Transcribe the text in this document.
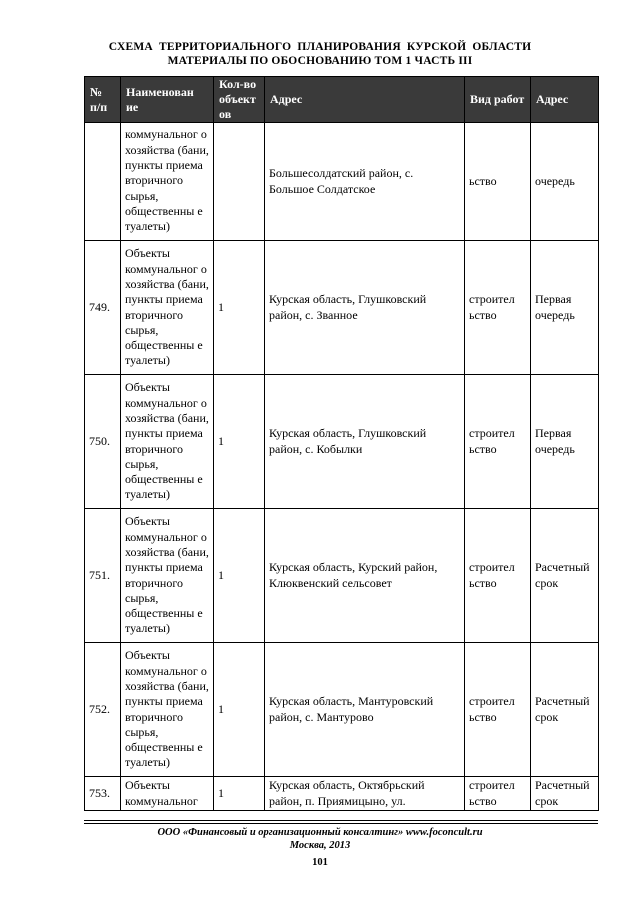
СХЕМА ТЕРРИТОРИАЛЬНОГО ПЛАНИРОВАНИЯ КУРСКОЙ ОБЛАСТИ
МАТЕРИАЛЫ ПО ОБОСНОВАНИЮ ТОМ 1 ЧАСТЬ III
№ п/п	Наименован ие	Кол-во объект ов	Адрес	Вид работ	Адрес
	коммунальног о хозяйства (бани, пункты приема вторичного сырья, общественны е туалеты)		Большесолдатский район, с. Большое Солдатское	ьство	очередь
749.	Объекты коммунальног о хозяйства (бани, пункты приема вторичного сырья, общественны е туалеты)	1	Курская область, Глушковский район, с. Званное	строител ьство	Первая очередь
750.	Объекты коммунальног о хозяйства (бани, пункты приема вторичного сырья, общественны е туалеты)	1	Курская область, Глушковский район, с. Кобылки	строител ьство	Первая очередь
751.	Объекты коммунальног о хозяйства (бани, пункты приема вторичного сырья, общественны е туалеты)	1	Курская область, Курский район, Клюквенский сельсовет	строител ьство	Расчетный срок
752.	Объекты коммунальног о хозяйства (бани, пункты приема вторичного сырья, общественны е туалеты)	1	Курская область, Мантуровский район, с. Мантурово	строител ьство	Расчетный срок
753.	Объекты коммунальног	1	Курская область, Октябрьский район, п. Приямицыно, ул.	строител ьство	Расчетный срок
ООО «Финансовый и организационный консалтинг» www.foconcult.ru
Москва, 2013
101
